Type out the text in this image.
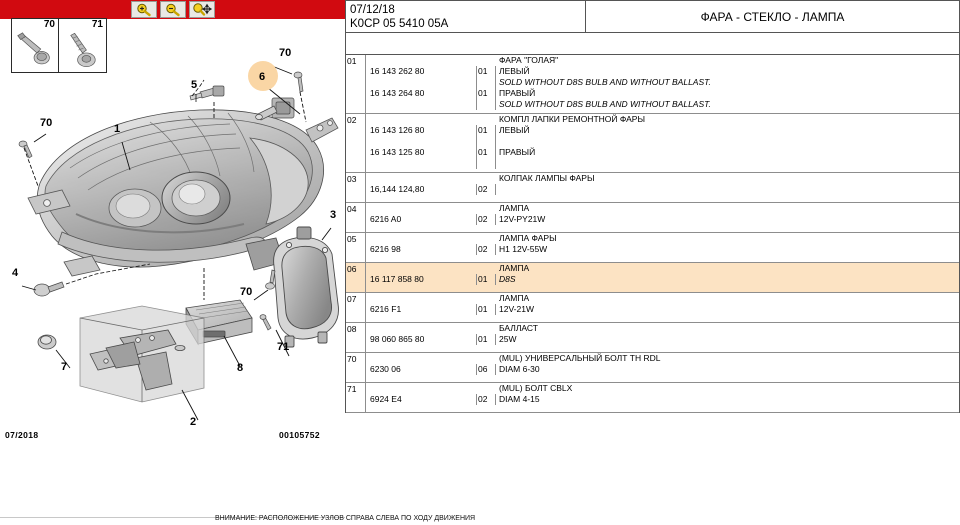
70	71
70	1
5
6
70
3
4
70
71
7	8
2
07/2018	00105752
07/12/18
K0CP 05 5410 05A
ФАРА - СТЕКЛО - ЛАМПА
01	ФАРА "ГОЛАЯ"
16 143 262 80	01	ЛЕВЫЙ

SOLD WITHOUT D8S BULB AND WITHOUT BALLAST.
16 143 264 80	01	ПРАВЫЙ

SOLD WITHOUT D8S BULB AND WITHOUT BALLAST.
02	КОМПЛ ЛАПКИ РЕМОНТНОЙ ФАРЫ
16 143 126 80	01	ЛЕВЫЙ

16 143 125 80	01	ПРАВЫЙ

03	КОЛПАК ЛАМПЫ ФАРЫ
16,144 124,80	02

04	ЛАМПА
6216 A0	02	12V-PY21W
05	ЛАМПА ФАРЫ
6216 98	02	H1 12V-55W
06	ЛАМПА
16 117 858 80	01	D8S
07	ЛАМПА
6216 F1	01	12V-21W
08	БАЛЛАСТ
98 060 865 80	01	25W
70	(MUL) УНИВЕРСАЛЬНЫЙ БОЛТ TH RDL
6230 06	06	DIAM 6-30
71	(MUL) БОЛТ CBLX
6924 E4	02	DIAM 4-15
ВНИМАНИЕ: РАСПОЛОЖЕНИЕ УЗЛОВ СПРАВА СЛЕВА ПО ХОДУ ДВИЖЕНИЯ
